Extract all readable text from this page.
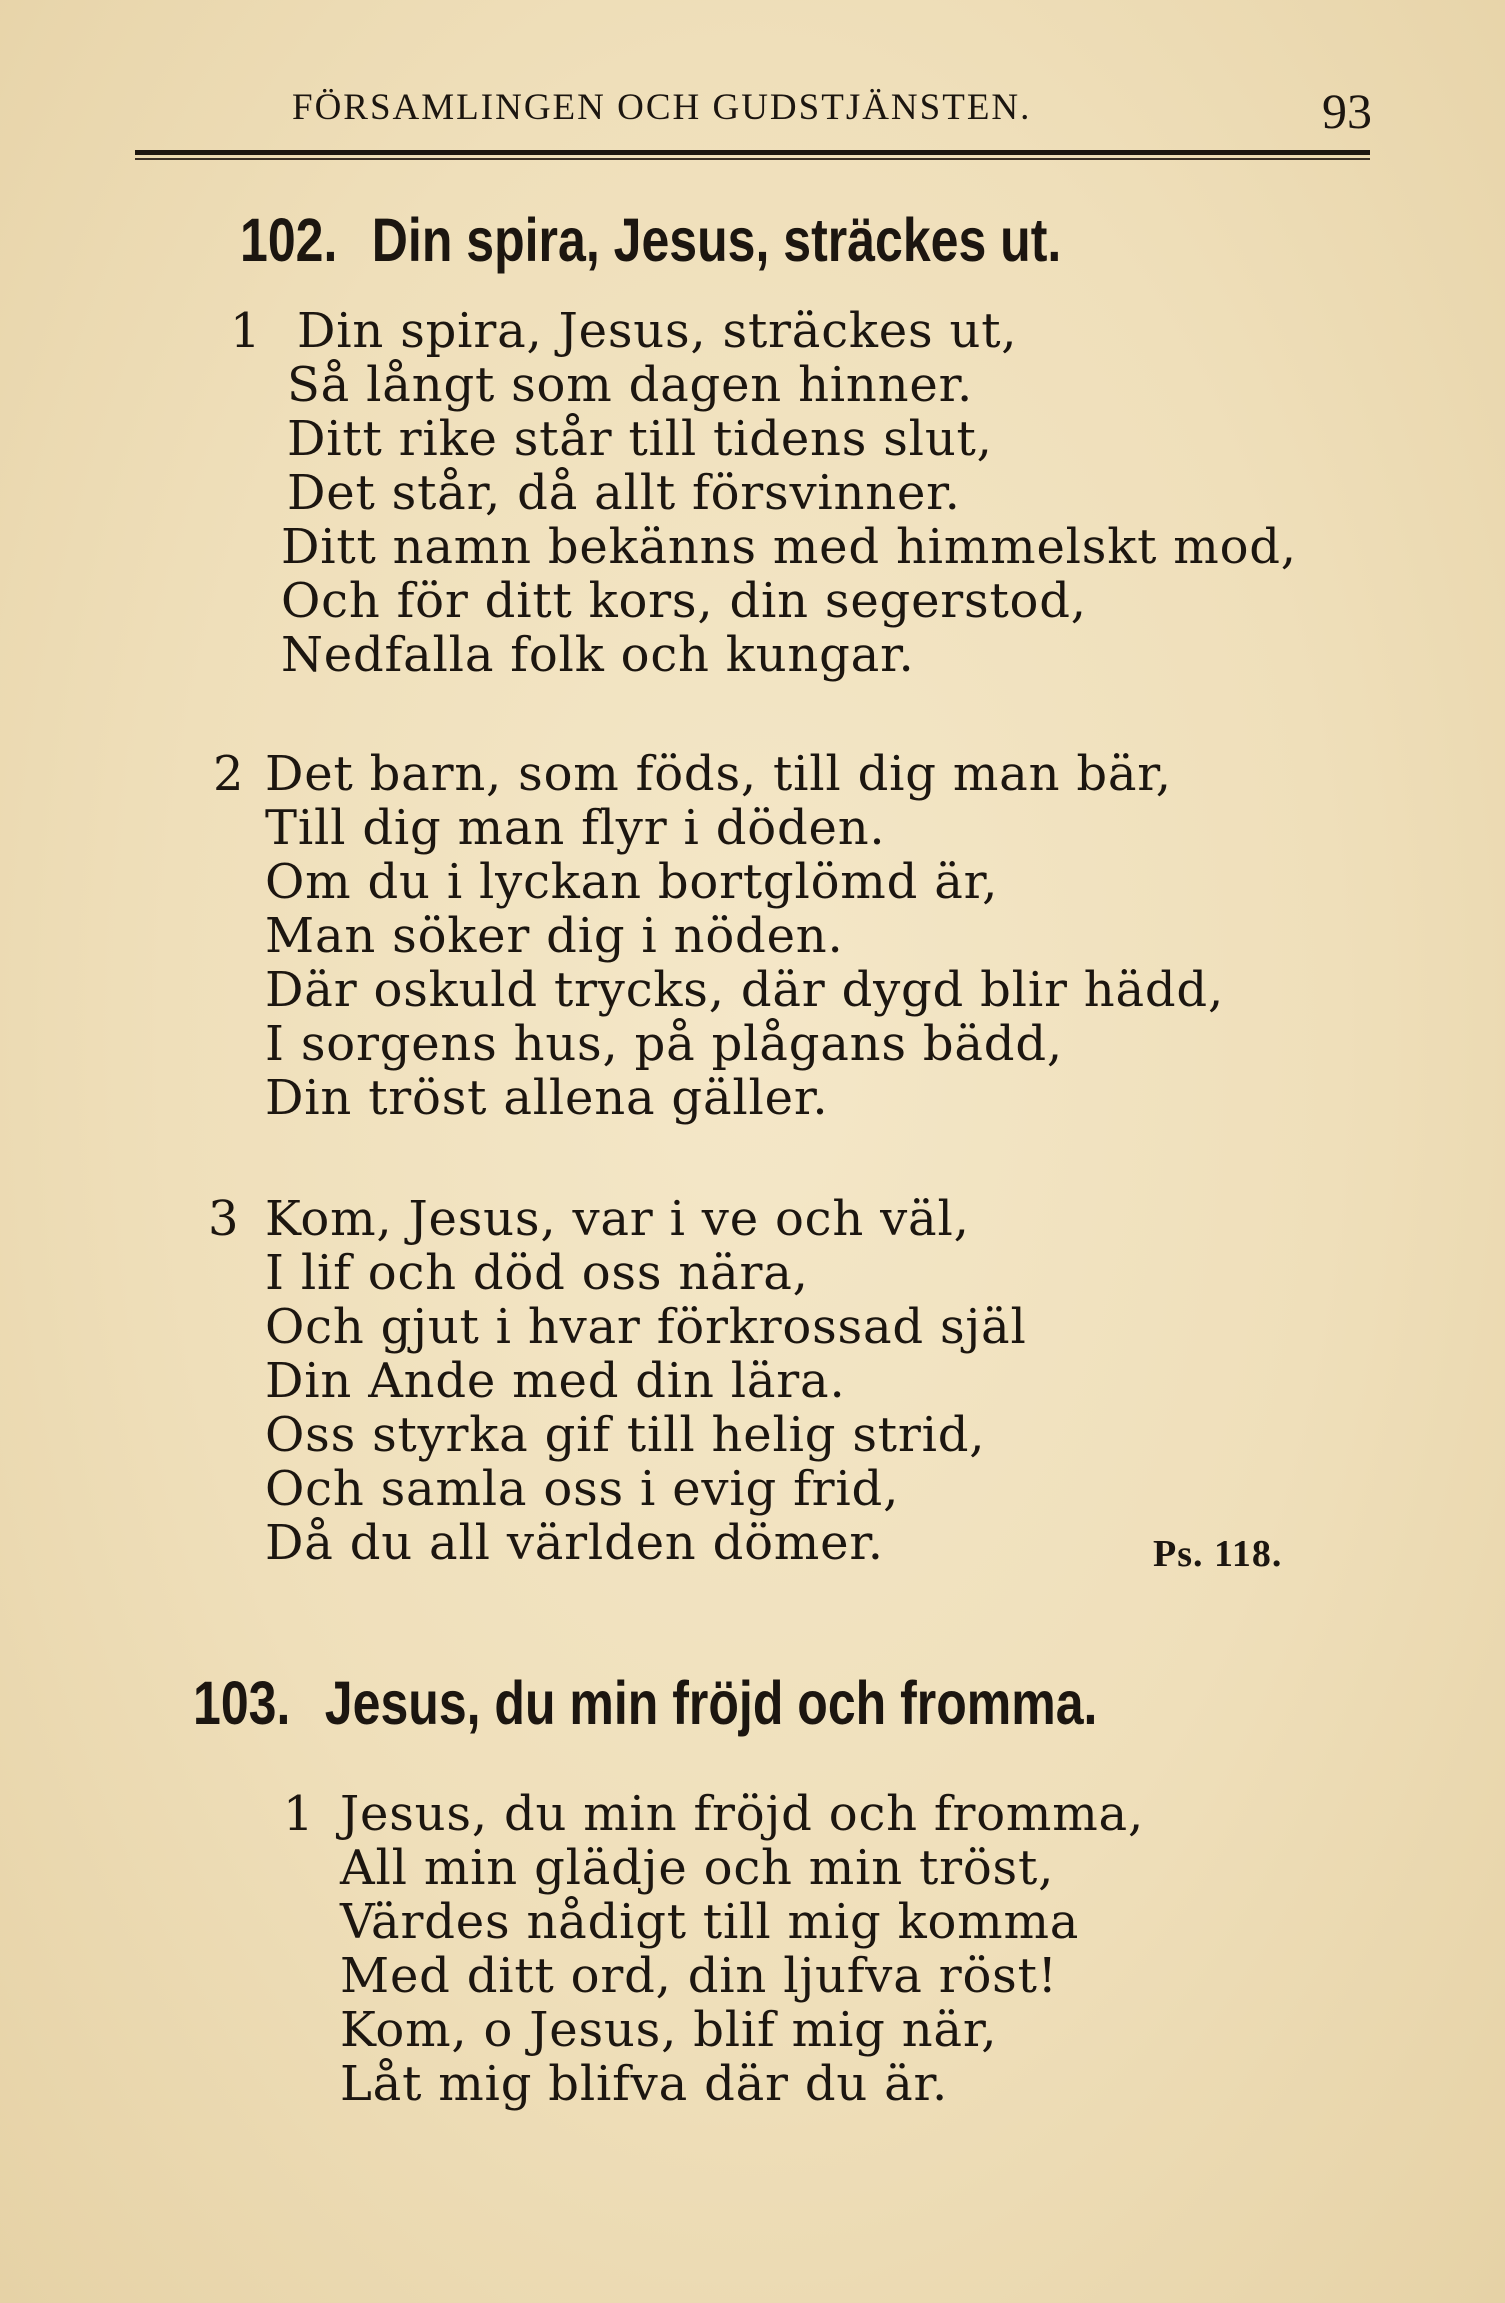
FÖRSAMLINGEN OCH GUDSTJÄNSTEN.	93
102. Din spira, Jesus, sträckes ut.
1 Din spira, Jesus, sträckes ut,
Så långt som dagen hinner.
Ditt rike står till tidens slut,
Det står, då allt försvinner.
Ditt namn bekänns med himmelskt mod,
Och för ditt kors, din segerstod,
Nedfalla folk och kungar.
2 Det barn, som föds, till dig man bär,
Till dig man flyr i döden.
Om du i lyckan bortglömd är,
Man söker dig i nöden.
Där oskuld trycks, där dygd blir hädd,
I sorgens hus, på plågans bädd,
Din tröst allena gäller.
3 Kom, Jesus, var i ve och väl,
I lif och död oss nära,
Och gjut i hvar förkrossad själ
Din Ande med din lära.
Oss styrka gif till helig strid,
Och samla oss i evig frid,
Då du all världen dömer.	Ps. 118.
103. Jesus, du min fröjd och fromma.
1 Jesus, du min fröjd och fromma,
All min glädje och min tröst,
Värdes nådigt till mig komma
Med ditt ord, din ljufva röst!
Kom, o Jesus, blif mig när,
Låt mig blifva där du är.
